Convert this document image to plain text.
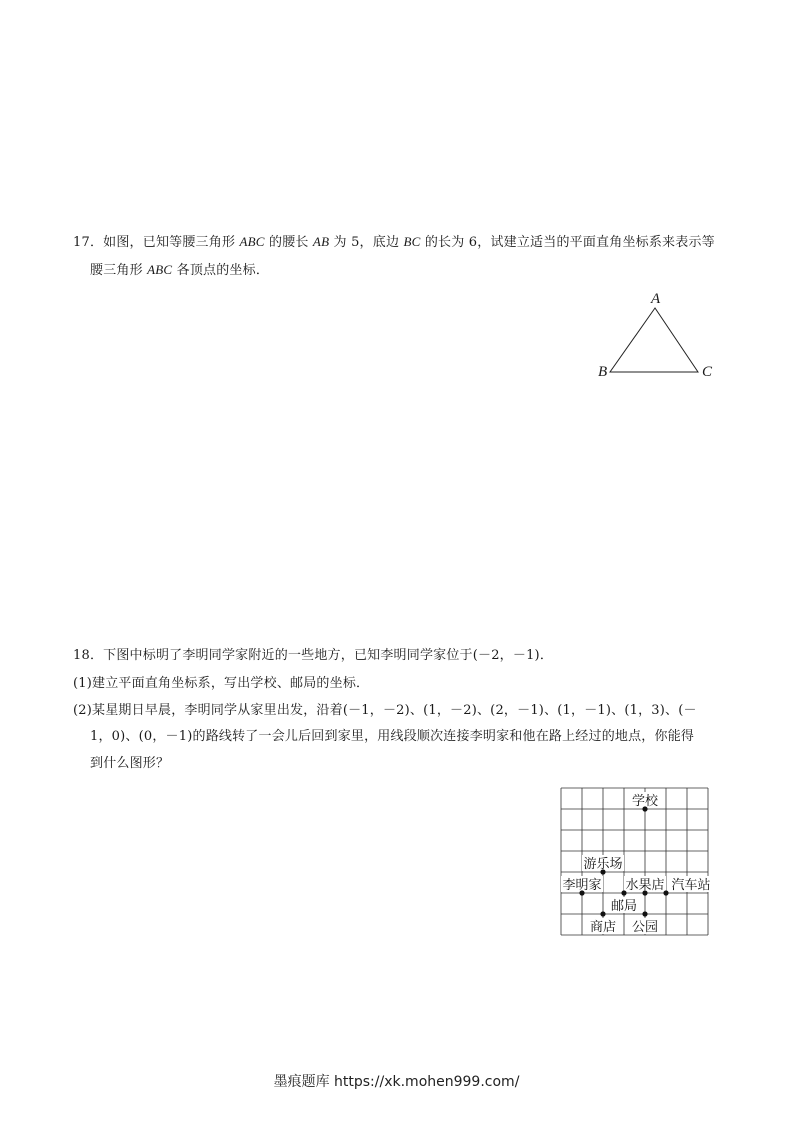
17．如图，已知等腰三角形 ABC 的腰长 AB 为 5，底边 BC 的长为 6，试建立适当的平面直角坐标系来表示等
腰三角形 ABC 各顶点的坐标．
A
B	C
18．下图中标明了李明同学家附近的一些地方，已知李明同学家位于(－2，－1)．
(1)建立平面直角坐标系，写出学校、邮局的坐标．
(2)某星期日早晨，李明同学从家里出发，沿着(－1，－2)、(1，－2)、(2，－1)、(1，－1)、(1，3)、(－
1，0)、(0，－1)的路线转了一会儿后回到家里，用线段顺次连接李明家和他在路上经过的地点，你能得
到什么图形？
学校
游乐场
李明家 水果店 汽车站
邮局
商店 公园
墨痕题库 https://xk.mohen999.com/
